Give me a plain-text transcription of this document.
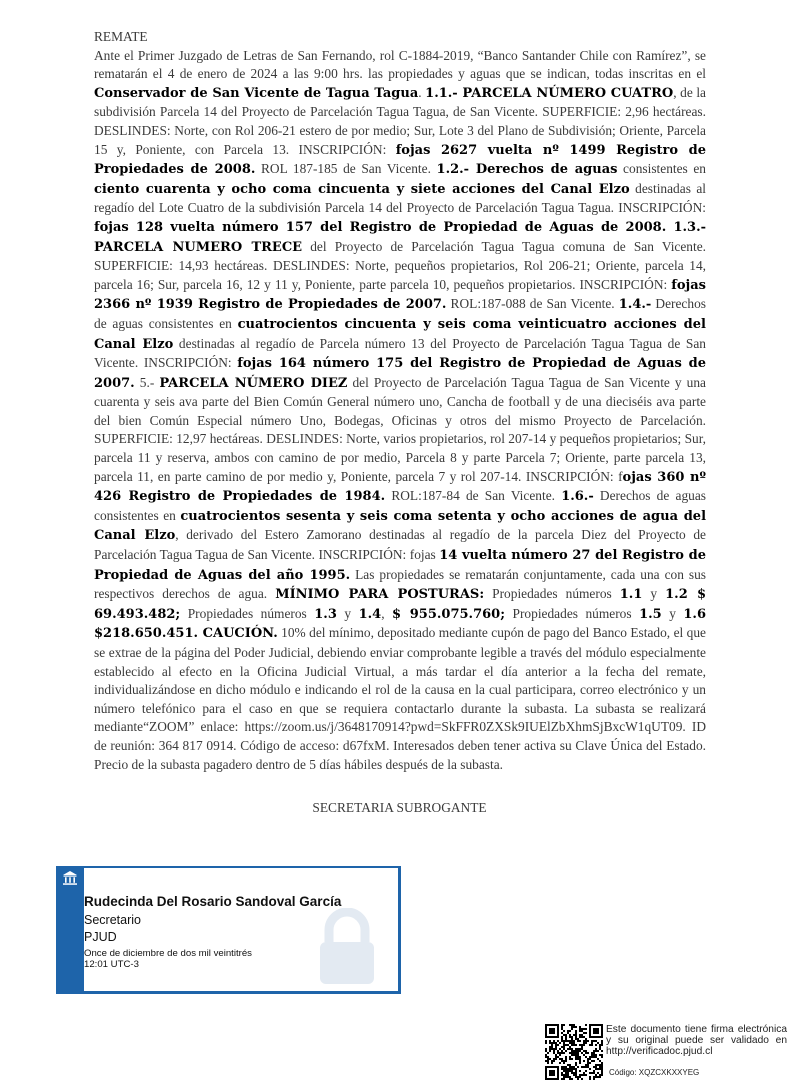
REMATE

Ante el Primer Juzgado de Letras de San Fernando, rol C-1884-2019, “Banco Santander Chile con Ramírez”, se rematarán el 4 de enero de 2024 a las 9:00 hrs. las propiedades y aguas que se indican, todas inscritas en el Conservador de San Vicente de Tagua Tagua. 1.1.- PARCELA NÚMERO CUATRO, de la subdivisión Parcela 14 del Proyecto de Parcelación Tagua Tagua, de San Vicente. SUPERFICIE: 2,96 hectáreas. DESLINDES: Norte, con Rol 206-21 estero de por medio; Sur, Lote 3 del Plano de Subdivisión; Oriente, Parcela 15 y, Poniente, con Parcela 13. INSCRIPCIÓN: fojas 2627 vuelta nº 1499 Registro de Propiedades de 2008. ROL 187-185 de San Vicente. 1.2.- Derechos de aguas consistentes en ciento cuarenta y ocho coma cincuenta y siete acciones del Canal Elzo destinadas al regadío del Lote Cuatro de la subdivisión Parcela 14 del Proyecto de Parcelación Tagua Tagua. INSCRIPCIÓN: fojas 128 vuelta número 157 del Registro de Propiedad de Aguas de 2008. 1.3.- PARCELA NUMERO TRECE del Proyecto de Parcelación Tagua Tagua comuna de San Vicente. SUPERFICIE: 14,93 hectáreas. DESLINDES: Norte, pequeños propietarios, Rol 206-21; Oriente, parcela 14, parcela 16; Sur, parcela 16, 12 y 11 y, Poniente, parte parcela 10, pequeños propietarios. INSCRIPCIÓN: fojas 2366 nº 1939 Registro de Propiedades de 2007. ROL:187-088 de San Vicente. 1.4.- Derechos de aguas consistentes en cuatrocientos cincuenta y seis coma veinticuatro acciones del Canal Elzo destinadas al regadío de Parcela número 13 del Proyecto de Parcelación Tagua Tagua de San Vicente. INSCRIPCIÓN: fojas 164 número 175 del Registro de Propiedad de Aguas de 2007. 5.- PARCELA NÚMERO DIEZ del Proyecto de Parcelación Tagua Tagua de San Vicente y una cuarenta y seis ava parte del Bien Común General número uno, Cancha de football y de una dieciséis ava parte del bien Común Especial número Uno, Bodegas, Oficinas y otros del mismo Proyecto de Parcelación. SUPERFICIE: 12,97 hectáreas. DESLINDES: Norte, varios propietarios, rol 207-14 y pequeños propietarios; Sur, parcela 11 y reserva, ambos con camino de por medio, Parcela 8 y parte Parcela 7; Oriente, parte parcela 13, parcela 11, en parte camino de por medio y, Poniente, parcela 7 y rol 207-14. INSCRIPCIÓN: fojas 360 nº 426 Registro de Propiedades de 1984. ROL:187-84 de San Vicente. 1.6.- Derechos de aguas consistentes en cuatrocientos sesenta y seis coma setenta y ocho acciones de agua del Canal Elzo, derivado del Estero Zamorano destinadas al regadío de la parcela Diez del Proyecto de Parcelación Tagua Tagua de San Vicente. INSCRIPCIÓN: fojas 14 vuelta número 27 del Registro de Propiedad de Aguas del año 1995. Las propiedades se rematarán conjuntamente, cada una con sus respectivos derechos de agua. MÍNIMO PARA POSTURAS: Propiedades números 1.1 y 1.2 $ 69.493.482; Propiedades números 1.3 y 1.4, $ 955.075.760; Propiedades números 1.5 y 1.6 $218.650.451. CAUCIÓN. 10% del mínimo, depositado mediante cupón de pago del Banco Estado, el que se extrae de la página del Poder Judicial, debiendo enviar comprobante legible a través del módulo especialmente establecido al efecto en la Oficina Judicial Virtual, a más tardar el día anterior a la fecha del remate, individualizándose en dicho módulo e indicando el rol de la causa en la cual participara, correo electrónico y un número telefónico para el caso en que se requiera contactarlo durante la subasta. La subasta se realizará mediante“ZOOM” enlace: https://zoom.us/j/3648170914?pwd=SkFFR0ZXSk9IUElZbXhmSjBxcW1qUT09. ID de reunión: 364 817 0914. Código de acceso: d67fxM. Interesados deben tener activa su Clave Única del Estado. Precio de la subasta pagadero dentro de 5 días hábiles después de la subasta.

SECRETARIA SUBROGANTE
Rudecinda Del Rosario Sandoval García
Secretario
PJUD
Once de diciembre de dos mil veintitrés
12:01 UTC-3
Este documento tiene firma electrónica y su original puede ser validado en http://verificadoc.pjud.cl
Código: XQZCXKXXYEG
